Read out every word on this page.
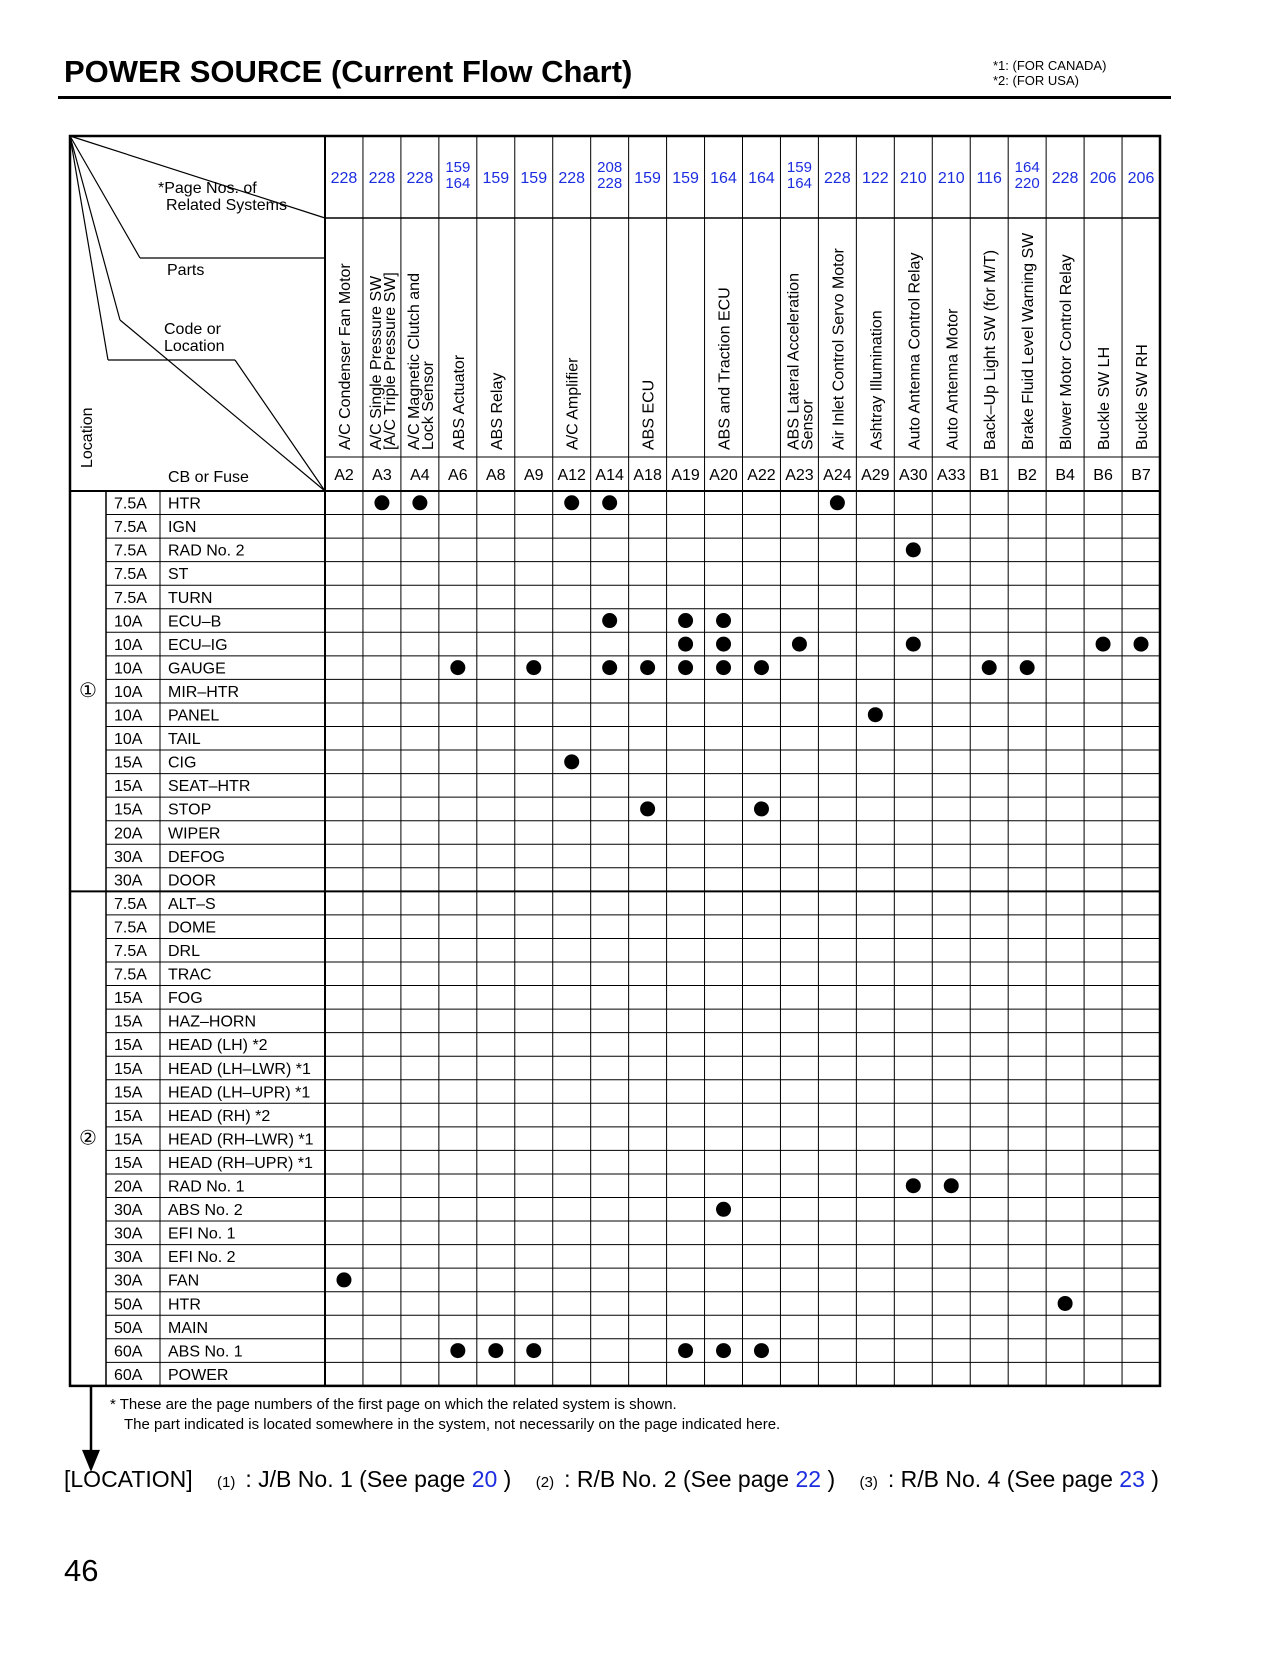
POWER SOURCE (Current Flow Chart)	*1: (FOR CANADA)
*2: (FOR USA)
*Page Nos. of
Related Systems
Parts
Code or
Location
CB or Fuse
Location
228
A/C Condenser Fan Motor
A2
228
A/C Single Pressure SW
[A/C Triple Pressure SW]
A3
228
A/C Magnetic Clutch and
Lock Sensor
A4
159
164
ABS Actuator
A6
159
ABS Relay
A8
159
A9
228
A/C Amplifier
A12
208
228
A14
159
ABS ECU
A18
159
A19
164
ABS and Traction ECU
A20
164
A22
159
164
ABS Lateral Acceleration
Sensor
A23
228
Air Inlet Control Servo Motor
A24
122
Ashtray Illumination
A29
210
Auto Antenna Control Relay
A30
210
Auto Antenna Motor
A33
116
Back–Up Light SW (for M/T)
B1
164
220
Brake Fluid Level Warning SW
B2
228
Blower Motor Control Relay
B4
206
Buckle SW LH
B6
206
Buckle SW RH
B7
7.5A HTR
7.5A IGN
7.5A RAD No. 2
7.5A ST
7.5A TURN
10A ECU–B
10A ECU–IG
10A GAUGE
10A MIR–HTR
10A PANEL
10A TAIL
15A CIG
15A SEAT–HTR
15A STOP
20A WIPER
30A DEFOG
30A DOOR
①
7.5A ALT–S
7.5A DOME
7.5A DRL
7.5A TRAC
15A FOG
15A HAZ–HORN
15A HEAD (LH) *2
15A HEAD (LH–LWR) *1
15A HEAD (LH–UPR) *1
15A HEAD (RH) *2
15A HEAD (RH–LWR) *1
15A HEAD (RH–UPR) *1
20A RAD No. 1
30A ABS No. 2
30A EFI No. 1
30A EFI No. 2
30A FAN
50A HTR
50A MAIN
60A ABS No. 1
60A POWER
②
* These are the page numbers of the first page on which the related system is shown.
The part indicated is located somewhere in the system, not necessarily on the page indicated here.
[LOCATION] (1) : J/B No. 1 (See page 20 ) (2) : R/B No. 2 (See page 22 ) (3) : R/B No. 4 (See page 23 )
46
